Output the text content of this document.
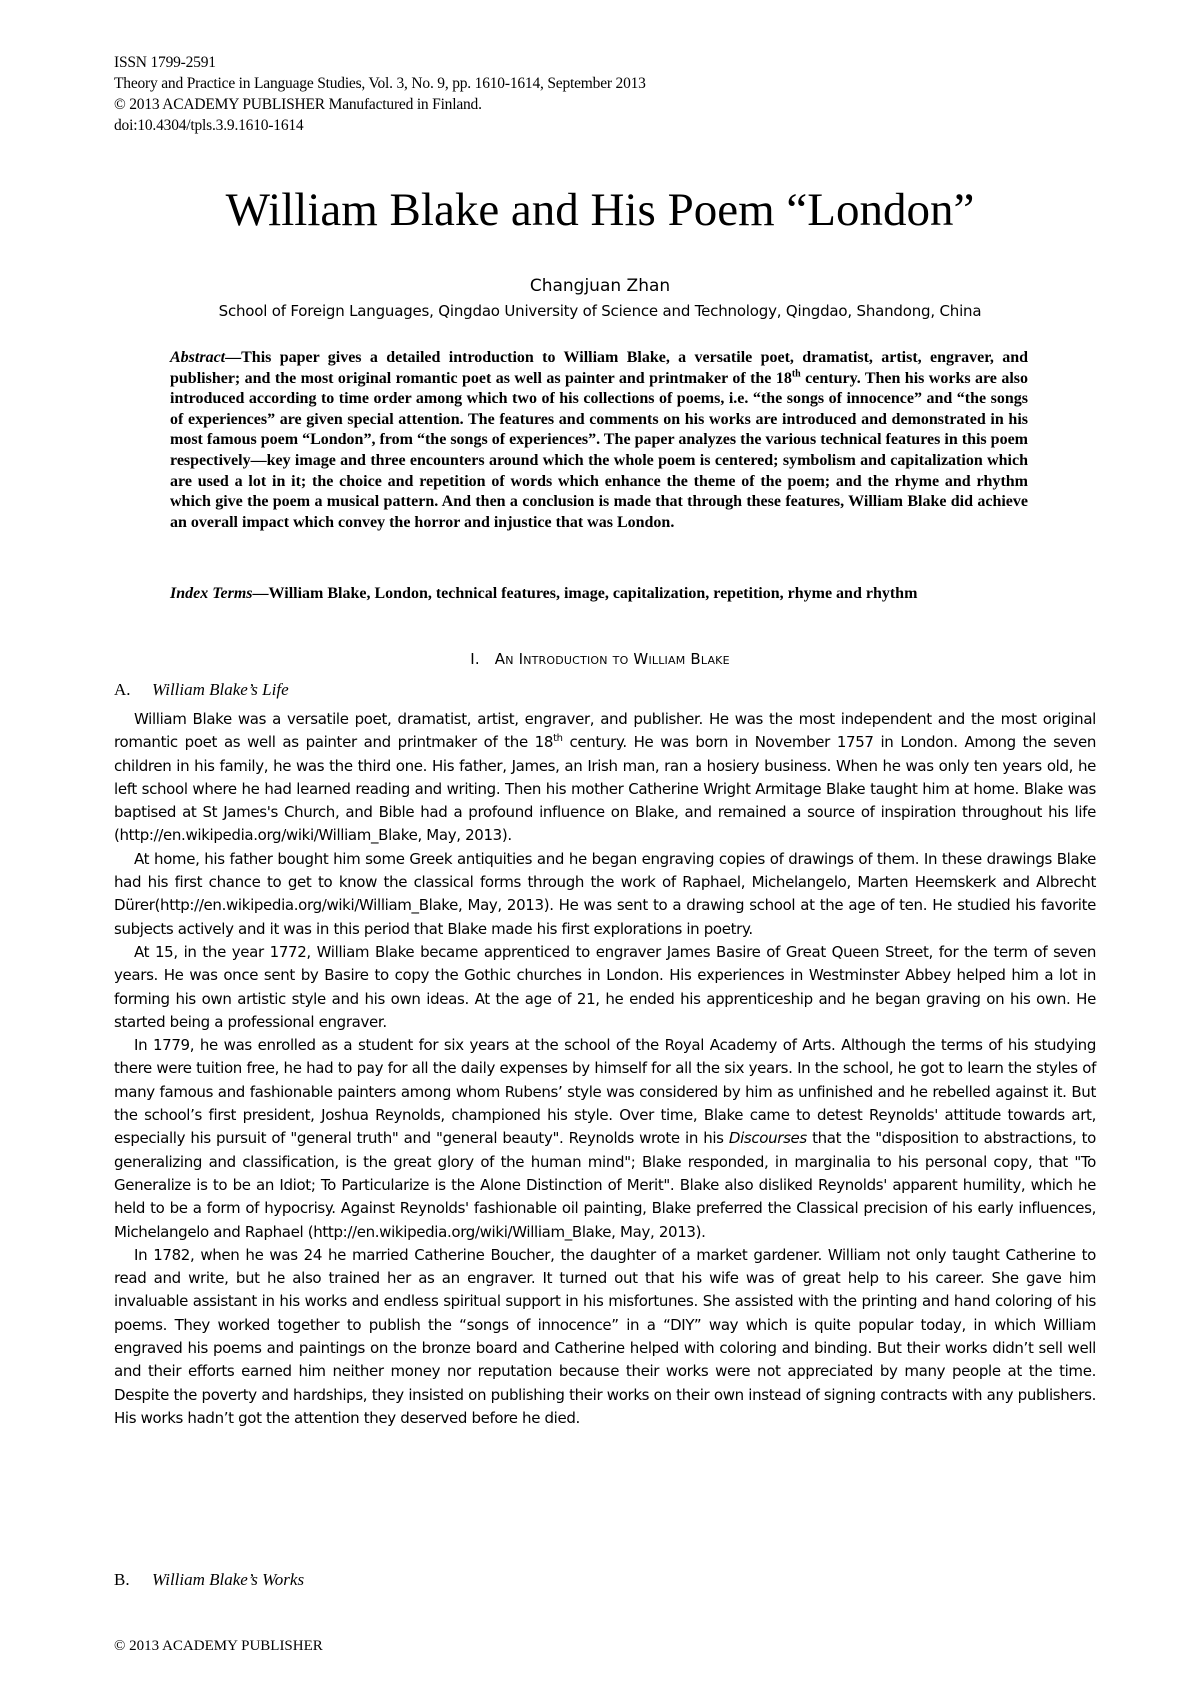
ISSN 1799-2591
Theory and Practice in Language Studies, Vol. 3, No. 9, pp. 1610-1614, September 2013
© 2013 ACADEMY PUBLISHER Manufactured in Finland.
doi:10.4304/tpls.3.9.1610-1614
William Blake and His Poem “London”
Changjuan Zhan
School of Foreign Languages, Qingdao University of Science and Technology, Qingdao, Shandong, China
Abstract—This paper gives a detailed introduction to William Blake, a versatile poet, dramatist, artist, engraver, and publisher; and the most original romantic poet as well as painter and printmaker of the 18th century. Then his works are also introduced according to time order among which two of his collections of poems, i.e. “the songs of innocence” and “the songs of experiences” are given special attention. The features and comments on his works are introduced and demonstrated in his most famous poem “London”, from “the songs of experiences”. The paper analyzes the various technical features in this poem respectively—key image and three encounters around which the whole poem is centered; symbolism and capitalization which are used a lot in it; the choice and repetition of words which enhance the theme of the poem; and the rhyme and rhythm which give the poem a musical pattern. And then a conclusion is made that through these features, William Blake did achieve an overall impact which convey the horror and injustice that was London.
Index Terms—William Blake, London, technical features, image, capitalization, repetition, rhyme and rhythm
I.   An Introduction to William Blake
A. William Blake’s Life

William Blake was a versatile poet, dramatist, artist, engraver, and publisher. He was the most independent and the most original romantic poet as well as painter and printmaker of the 18th century. He was born in November 1757 in London. Among the seven children in his family, he was the third one. His father, James, an Irish man, ran a hosiery business. When he was only ten years old, he left school where he had learned reading and writing. Then his mother Catherine Wright Armitage Blake taught him at home. Blake was baptised at St James's Church, and Bible had a profound influence on Blake, and remained a source of inspiration throughout his life (http://en.wikipedia.org/wiki/William_Blake, May, 2013).

At home, his father bought him some Greek antiquities and he began engraving copies of drawings of them. In these drawings Blake had his first chance to get to know the classical forms through the work of Raphael, Michelangelo, Marten Heemskerk and Albrecht Dürer(http://en.wikipedia.org/wiki/William_Blake, May, 2013). He was sent to a drawing school at the age of ten. He studied his favorite subjects actively and it was in this period that Blake made his first explorations in poetry.

At 15, in the year 1772, William Blake became apprenticed to engraver James Basire of Great Queen Street, for the term of seven years. He was once sent by Basire to copy the Gothic churches in London. His experiences in Westminster Abbey helped him a lot in forming his own artistic style and his own ideas. At the age of 21, he ended his apprenticeship and he began graving on his own. He started being a professional engraver.

In 1779, he was enrolled as a student for six years at the school of the Royal Academy of Arts. Although the terms of his studying there were tuition free, he had to pay for all the daily expenses by himself for all the six years. In the school, he got to learn the styles of many famous and fashionable painters among whom Rubens’ style was considered by him as unfinished and he rebelled against it. But the school’s first president, Joshua Reynolds, championed his style. Over time, Blake came to detest Reynolds' attitude towards art, especially his pursuit of "general truth" and "general beauty". Reynolds wrote in his Discourses that the "disposition to abstractions, to generalizing and classification, is the great glory of the human mind"; Blake responded, in marginalia to his personal copy, that "To Generalize is to be an Idiot; To Particularize is the Alone Distinction of Merit". Blake also disliked Reynolds' apparent humility, which he held to be a form of hypocrisy. Against Reynolds' fashionable oil painting, Blake preferred the Classical precision of his early influences, Michelangelo and Raphael (http://en.wikipedia.org/wiki/William_Blake, May, 2013).

In 1782, when he was 24 he married Catherine Boucher, the daughter of a market gardener. William not only taught Catherine to read and write, but he also trained her as an engraver. It turned out that his wife was of great help to his career. She gave him invaluable assistant in his works and endless spiritual support in his misfortunes. She assisted with the printing and hand coloring of his poems. They worked together to publish the “songs of innocence” in a “DIY” way which is quite popular today, in which William engraved his poems and paintings on the bronze board and Catherine helped with coloring and binding. But their works didn’t sell well and their efforts earned him neither money nor reputation because their works were not appreciated by many people at the time. Despite the poverty and hardships, they insisted on publishing their works on their own instead of signing contracts with any publishers. His works hadn’t got the attention they deserved before he died.

B. William Blake’s Works
© 2013 ACADEMY PUBLISHER
